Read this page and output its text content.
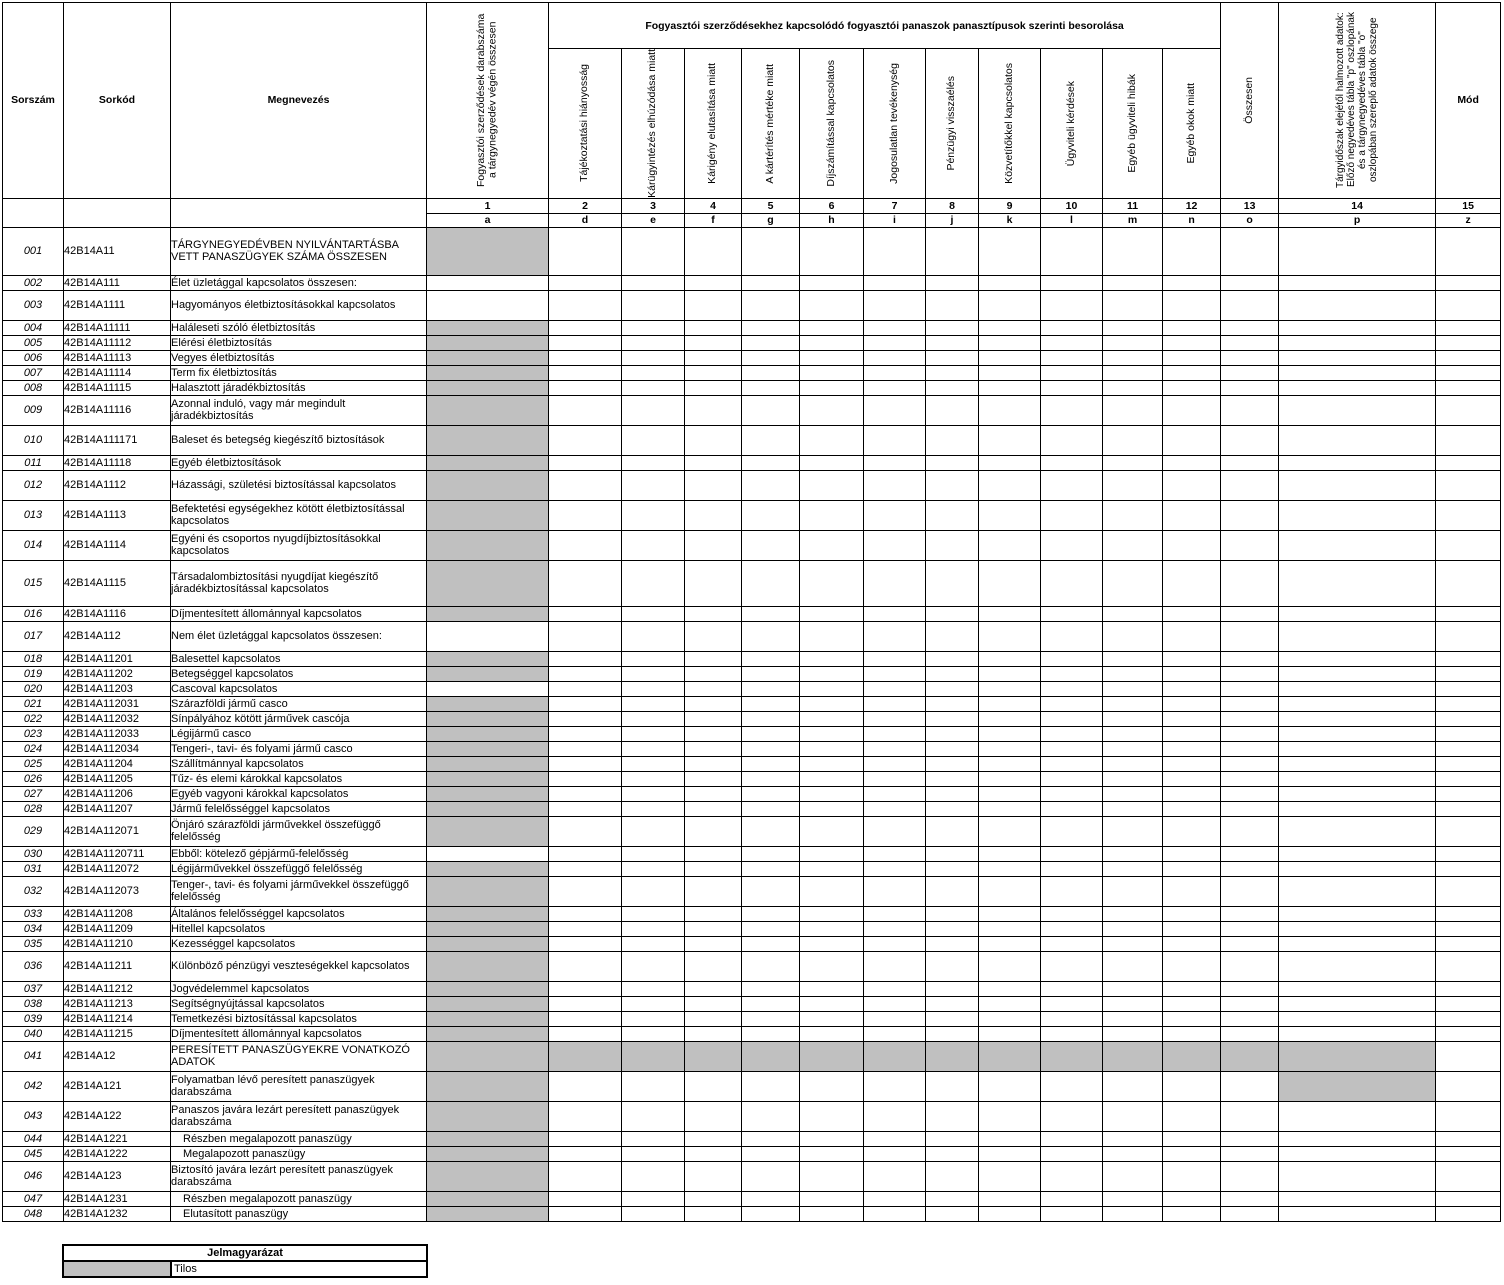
Sorszám	Sorkód	Megnevezés	Fogyasztói szerződések darabszáma a tárgynegyedév végén összesen	Fogyasztói szerződésekhez kapcsolódó fogyasztói panaszok panasztípusok szerinti besorolása											Összesen	Tárgyidőszak elejétől halmozott adatok: Előző negyedéves tábla "p" oszlopának és a tárgynegyedéves tábla "o" oszlopában szereplő adatok összege	Mód

				Tájékoztatási hiányosság	Kárügyintézés elhúzódása miatt	Kárigény elutasítása miatt	A kártérítés mértéke miatt	Díjszámítással kapcsolatos	Jogosulatlan tevékenység	Pénzügyi visszaélés	Közvetítőkkel kapcsolatos	Ügyviteli kérdések	Egyéb ügyviteli hibák	Egyéb okok miatt			

			1	2	3	4	5	6	7	8	9	10	11	12	13	14	15
			a	d	e	f	g	h	i	j	k	l	m	n	o	p	z
001	42B14A11	TÁRGYNEGYEDÉVBEN NYILVÁNTARTÁSBA VETT PANASZÜGYEK SZÁMA ÖSSZESEN															
002	42B14A111	Élet üzletággal kapcsolatos összesen:															
003	42B14A1111	Hagyományos életbiztosításokkal kapcsolatos															
004	42B14A11111	Haláleseti szóló életbiztosítás															
005	42B14A11112	Elérési életbiztosítás															
006	42B14A11113	Vegyes életbiztosítás															
007	42B14A11114	Term fix életbiztosítás															
008	42B14A11115	Halasztott járadékbiztosítás															
009	42B14A11116	Azonnal induló, vagy már megindult járadékbiztosítás															
010	42B14A111171	Baleset és betegség kiegészítő biztosítások															
011	42B14A11118	Egyéb életbiztosítások															
012	42B14A1112	Házassági, születési biztosítással kapcsolatos															
013	42B14A1113	Befektetési egységekhez kötött életbiztosítással kapcsolatos															
014	42B14A1114	Egyéni és csoportos nyugdíjbiztosításokkal kapcsolatos															
015	42B14A1115	Társadalombiztosítási nyugdíjat kiegészítő járadékbiztosítással kapcsolatos															
016	42B14A1116	Díjmentesített állománnyal kapcsolatos															
017	42B14A112	Nem élet üzletággal kapcsolatos összesen:															
018	42B14A11201	Balesettel kapcsolatos															
019	42B14A11202	Betegséggel kapcsolatos															
020	42B14A11203	Cascoval kapcsolatos															
021	42B14A112031	Szárazföldi jármű casco															
022	42B14A112032	Sínpályához kötött járművek cascója															
023	42B14A112033	Légijármű casco															
024	42B14A112034	Tengeri-, tavi- és folyami jármű casco															
025	42B14A11204	Szállítmánnyal kapcsolatos															
026	42B14A11205	Tűz- és elemi károkkal kapcsolatos															
027	42B14A11206	Egyéb vagyoni károkkal kapcsolatos															
028	42B14A11207	Jármű felelősséggel kapcsolatos															
029	42B14A112071	Önjáró szárazföldi járművekkel összefüggő felelősség															
030	42B14A1120711	Ebből: kötelező gépjármű-felelősség															
031	42B14A112072	Légijárművekkel összefüggő felelősség															
032	42B14A112073	Tenger-, tavi- és folyami járművekkel összefüggő felelősség															
033	42B14A11208	Általános felelősséggel kapcsolatos															
034	42B14A11209	Hitellel kapcsolatos															
035	42B14A11210	Kezességgel kapcsolatos															
036	42B14A11211	Különböző pénzügyi veszteségekkel kapcsolatos															
037	42B14A11212	Jogvédelemmel kapcsolatos															
038	42B14A11213	Segítségnyújtással kapcsolatos															
039	42B14A11214	Temetkezési biztosítással kapcsolatos															
040	42B14A11215	Díjmentesített állománnyal kapcsolatos															
041	42B14A12	PERESÍTETT PANASZÜGYEKRE VONATKOZÓ ADATOK															
042	42B14A121	Folyamatban lévő peresített panaszügyek darabszáma															
043	42B14A122	Panaszos javára lezárt peresített panaszügyek darabszáma															
044	42B14A1221	Részben megalapozott panaszügy															
045	42B14A1222	Megalapozott panaszügy															
046	42B14A123	Biztosító javára lezárt peresített panaszügyek darabszáma															
047	42B14A1231	Részben megalapozott panaszügy															
048	42B14A1232	Elutasított panaszügy															
Jelmagyarázat
	Tilos
